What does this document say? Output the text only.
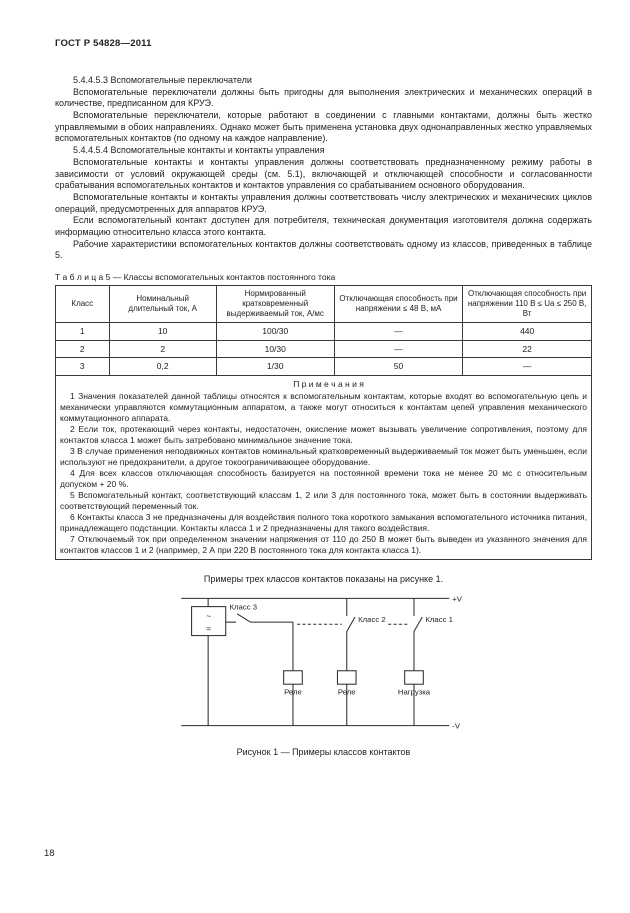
ГОСТ Р 54828—2011

5.4.4.5.3 Вспомогательные переключатели

Вспомогательные переключатели должны быть пригодны для выполнения электрических и механических операций в количестве, предписанном для КРУЭ.

Вспомогательные переключатели, которые работают в соединении с главными контактами, должны быть жестко управляемыми в обоих направлениях. Однако может быть применена установка двух однонаправленных жестко управляемых вспомогательных контактов (по одному на каждое направление).

5.4.4.5.4 Вспомогательные контакты и контакты управления

Вспомогательные контакты и контакты управления должны соответствовать предназначенному режиму работы в зависимости от условий окружающей среды (см. 5.1), включающей и отключающей способности и согласованности срабатывания вспомогательных контактов и контактов управления со срабатыванием основного оборудования.

Вспомогательные контакты и контакты управления должны соответствовать числу электрических и механических циклов операций, предусмотренных для аппаратов КРУЭ.

Если вспомогательный контакт доступен для потребителя, техническая документация изготовителя должна содержать информацию относительно класса этого контакта.

Рабочие характеристики вспомогательных контактов должны соответствовать одному из классов, приведенных в таблице 5.

Т а б л и ц а 5 — Классы вспомогательных контактов постоянного тока
Класс	Номинальный длительный ток, А	Нормированный кратковременный выдерживаемый ток, А/мс	Отключающая способность при напряжении ≤ 48 В, мА	Отключающая способность при напряжении 110 В ≤ Uа ≤ 250 В, Вт
1	10	100/30	—	440
2	2	10/30	—	22
3	0,2	1/30	50	—

П р и м е ч а н и я

1 Значения показателей данной таблицы относятся к вспомогательным контактам, которые входят во вспомогательную цепь и механически управляются коммутационным аппаратом, а также могут относиться к контактам цепей управления механического коммутационного аппарата.

2 Если ток, протекающий через контакты, недостаточен, окисление может вызывать увеличение сопротивления, поэтому для контактов класса 1 может быть затребовано минимальное значение тока.

3 В случае применения неподвижных контактов номинальный кратковременный выдерживаемый ток может быть уменьшен, если используют не предохранители, а другое токоограничивающее оборудование.

4 Для всех классов отключающая способность базируется на постоянной времени тока не менее 20 мс с относительным допуском + 20 %.

5 Вспомогательный контакт, соответствующий классам 1, 2 или 3 для постоянного тока, может быть в состоянии выдерживать соответствующий переменный ток.

6 Контакты класса 3 не предназначены для воздействия полного тока короткого замыкания вспомогательного источника питания, принадлежащего подстанции. Контакты класса 1 и 2 предназначены для такого воздействия.

7 Отключаемый ток при определенном значении напряжения от 110 до 250 В может быть выведен из указанного значения для контактов классов 1 и 2 (например, 2 А при 220 В постоянного тока для контакта класса 1).

Примеры трех классов контактов показаны на рисунке 1.

+V
-V
~
=
Класс 3
Реле
Класс 2
Реле
Класс 1
Нагрузка
Рисунок 1 — Примеры классов контактов
18
